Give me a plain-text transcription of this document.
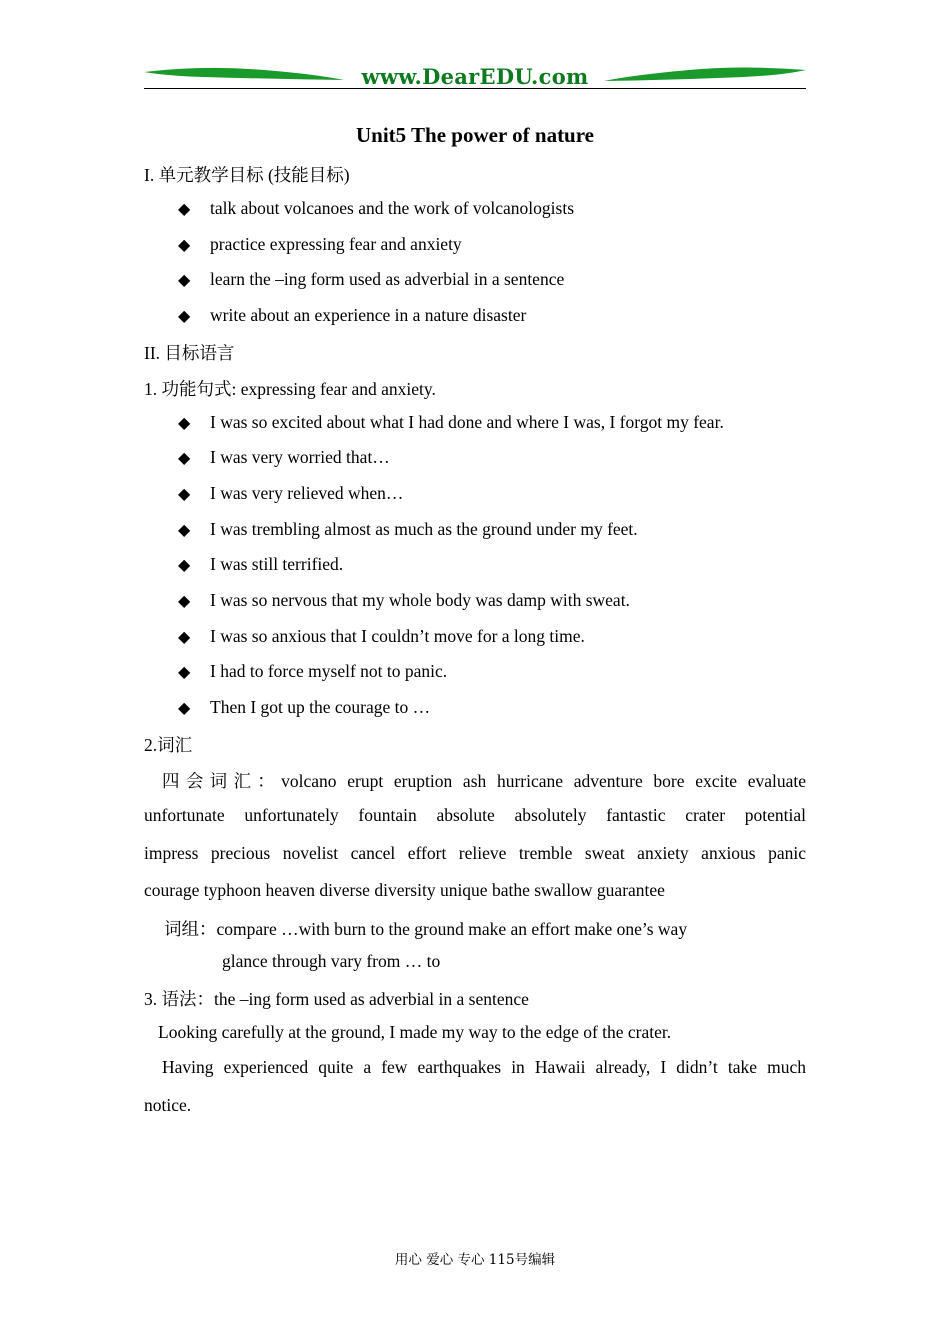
www.DearEDU.com
Unit5 The power of nature
I. 单元教学目标 (技能目标)
◆ talk about volcanoes and the work of volcanologists
◆ practice expressing fear and anxiety
◆ learn the –ing form used as adverbial in a sentence
◆ write about an experience in a nature disaster
II. 目标语言
1. 功能句式: expressing fear and anxiety.
◆ I was so excited about what I had done and where I was, I forgot my fear.
◆ I was very worried that…
◆ I was very relieved when…
◆ I was trembling almost as much as the ground under my feet.
◆ I was still terrified.
◆ I was so nervous that my whole body was damp with sweat.
◆ I was so anxious that I couldn’t move for a long time.
◆ I had to force myself not to panic.
◆ Then I got up the courage to …
2.词汇
四会词汇：volcano erupt eruption ash hurricane adventure bore excite evaluate
unfortunate unfortunately fountain absolute absolutely fantastic crater potential
impress precious novelist cancel effort relieve tremble sweat anxiety anxious panic
courage typhoon heaven diverse diversity unique bathe swallow guarantee
词组：compare …with burn to the ground make an effort make one’s way
glance through vary from … to
3. 语法：the –ing form used as adverbial in a sentence
Looking carefully at the ground, I made my way to the edge of the crater.
Having experienced quite a few earthquakes in Hawaii already, I didn’t take much
notice.
用心 爱心 专心 115号编辑
